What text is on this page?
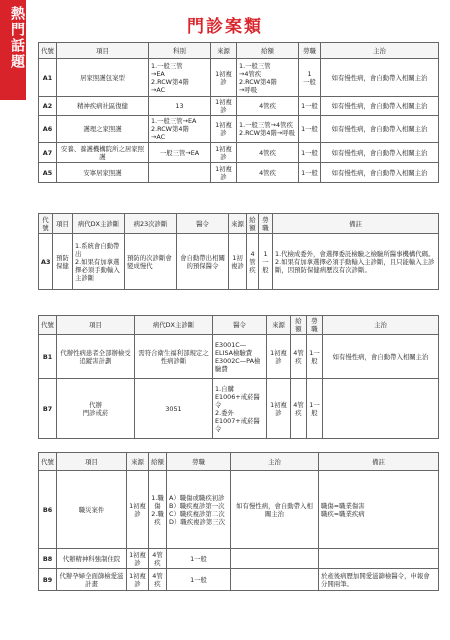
熱門話題	門診案類
代號	項目	科別	來源	給額	勞職	主治
A1	居家照護包案型	1.一般三管
→EA
2.RCW第4階
→AC	1初複診	1.一般三管
→4管疾
2.RCW第4階
→呼吸	1
一般	如有慢性病，會自動帶入相關主治
A2	精神疾病社區復健	13	1初複診	4管疾	1一般	如有慢性病，會自動帶入相關主治
A6	護理之家照護	1.一般三管→EA
2.RCW第4階
→AC	1初複診	1.一般三管→4管疾
2.RCW第4階→呼吸	1一般	如有慢性病，會自動帶入相關主治
A7	安養、養護機構院所之居家照護	一般三管→EA	1初複診	4管疾	1一般	如有慢性病，會自動帶入相關主治
A5	安寧居家照護		1初複診	4管疾	1一般	如有慢性病，會自動帶入相關主治
代號	項目	病代DX主診斷	病23次診斷	醫令	來源	給額	勞職	備註
A3	預防保健	1.系統會自動帶出
2.如果有加拿選擇必須手動輸入主診斷	預防的次診斷會變成慢代	會自動帶出相關的預保醫令	1初複診	4管疾	1一般	1.代檢成委外，會選擇委託檢驗之檢驗所醫事機構代碼。
2.如果有加拿選擇必須手動輸入主診斷，且只能輸入主診斷，因預防保健病歷沒有次診斷。
代號	項目	病代DX主診斷	醫令	來源	給額	勞職	主治
B1	代辦性病患者全部辦檢受追蹤害計劃	需符合衛生福利部規定之性病診斷	E3001C—ELISA檢驗費
E3002C—PA檢驗費	1初複診	4管疾	1一般	如有慢性病，會自動帶入相關主治
B7	代辦
門診戒菸	3051	1.自購
E1006+戒菸醫令
2.委外
E1007+戒菸醫令	1初複診	4管疾	1一般	
代號	項目	來源	給額	勞職	主治	備註
B6	職災案件	1初複診	1.職傷
2.職疾	A）職傷或職疾初診
B）職疾複診第一次
C）職疾複診第二次
D）職疾複診第三次	如有慢性病，會自動帶入相關主治	職傷=職業傷害
職疾=職業疾病
B8	代辦精神科強制住院	1初複診	4管疾	1一般		
B9	代辦孕婦全面篩檢愛滋計畫	1初複診	4管疾	1一般		於產後病歷加開愛滋篩檢醫令，申報會分開兩筆。
